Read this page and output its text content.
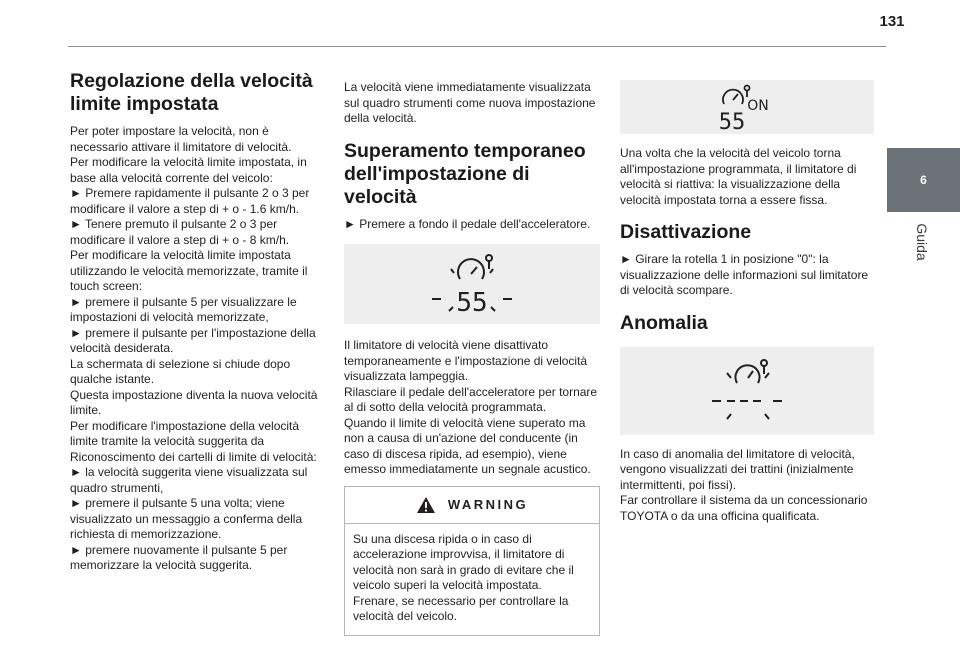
131
6
Guida
Regolazione della velocità limite impostata

Per poter impostare la velocità, non è necessario attivare il limitatore di velocità.

Per modificare la velocità limite impostata, in base alla velocità corrente del veicolo:

► Premere rapidamente il pulsante 2 o 3 per modificare il valore a step di + o - 1.6 km/h.

► Tenere premuto il pulsante 2 o 3 per modificare il valore a step di + o - 8 km/h.

Per modificare la velocità limite impostata utilizzando le velocità memorizzate, tramite il touch screen:

► premere il pulsante 5 per visualizzare le impostazioni di velocità memorizzate,

► premere il pulsante per l'impostazione della velocità desiderata.

La schermata di selezione si chiude dopo qualche istante.

Questa impostazione diventa la nuova velocità limite.

Per modificare l'impostazione della velocità limite tramite la velocità suggerita da Riconoscimento dei cartelli di limite di velocità:

► la velocità suggerita viene visualizzata sul quadro strumenti,

► premere il pulsante 5 una volta; viene visualizzato un messaggio a conferma della richiesta di memorizzazione.

► premere nuovamente il pulsante 5 per memorizzare la velocità suggerita.

La velocità viene immediatamente visualizzata sul quadro strumenti come nuova impostazione della velocità.

Superamento temporaneo dell'impostazione di velocità

► Premere a fondo il pedale dell'acceleratore.

55

Il limitatore di velocità viene disattivato temporaneamente e l'impostazione di velocità visualizzata lampeggia.

Rilasciare il pedale dell'acceleratore per tornare al di sotto della velocità programmata.

Quando il limite di velocità viene superato ma non a causa di un'azione del conducente (in caso di discesa ripida, ad esempio), viene emesso immediatamente un segnale acustico.

WARNING

Su una discesa ripida o in caso di accelerazione improvvisa, il limitatore di velocità non sarà in grado di evitare che il veicolo superi la velocità impostata.

Frenare, se necessario per controllare la velocità del veicolo.

ON
55

Una volta che la velocità del veicolo torna all'impostazione programmata, il limitatore di velocità si riattiva: la visualizzazione della velocità impostata torna a essere fissa.

Disattivazione

► Girare la rotella 1 in posizione "0": la visualizzazione delle informazioni sul limitatore di velocità scompare.

Anomalia

In caso di anomalia del limitatore di velocità, vengono visualizzati dei trattini (inizialmente intermittenti, poi fissi).

Far controllare il sistema da un concessionario TOYOTA o da una officina qualificata.
